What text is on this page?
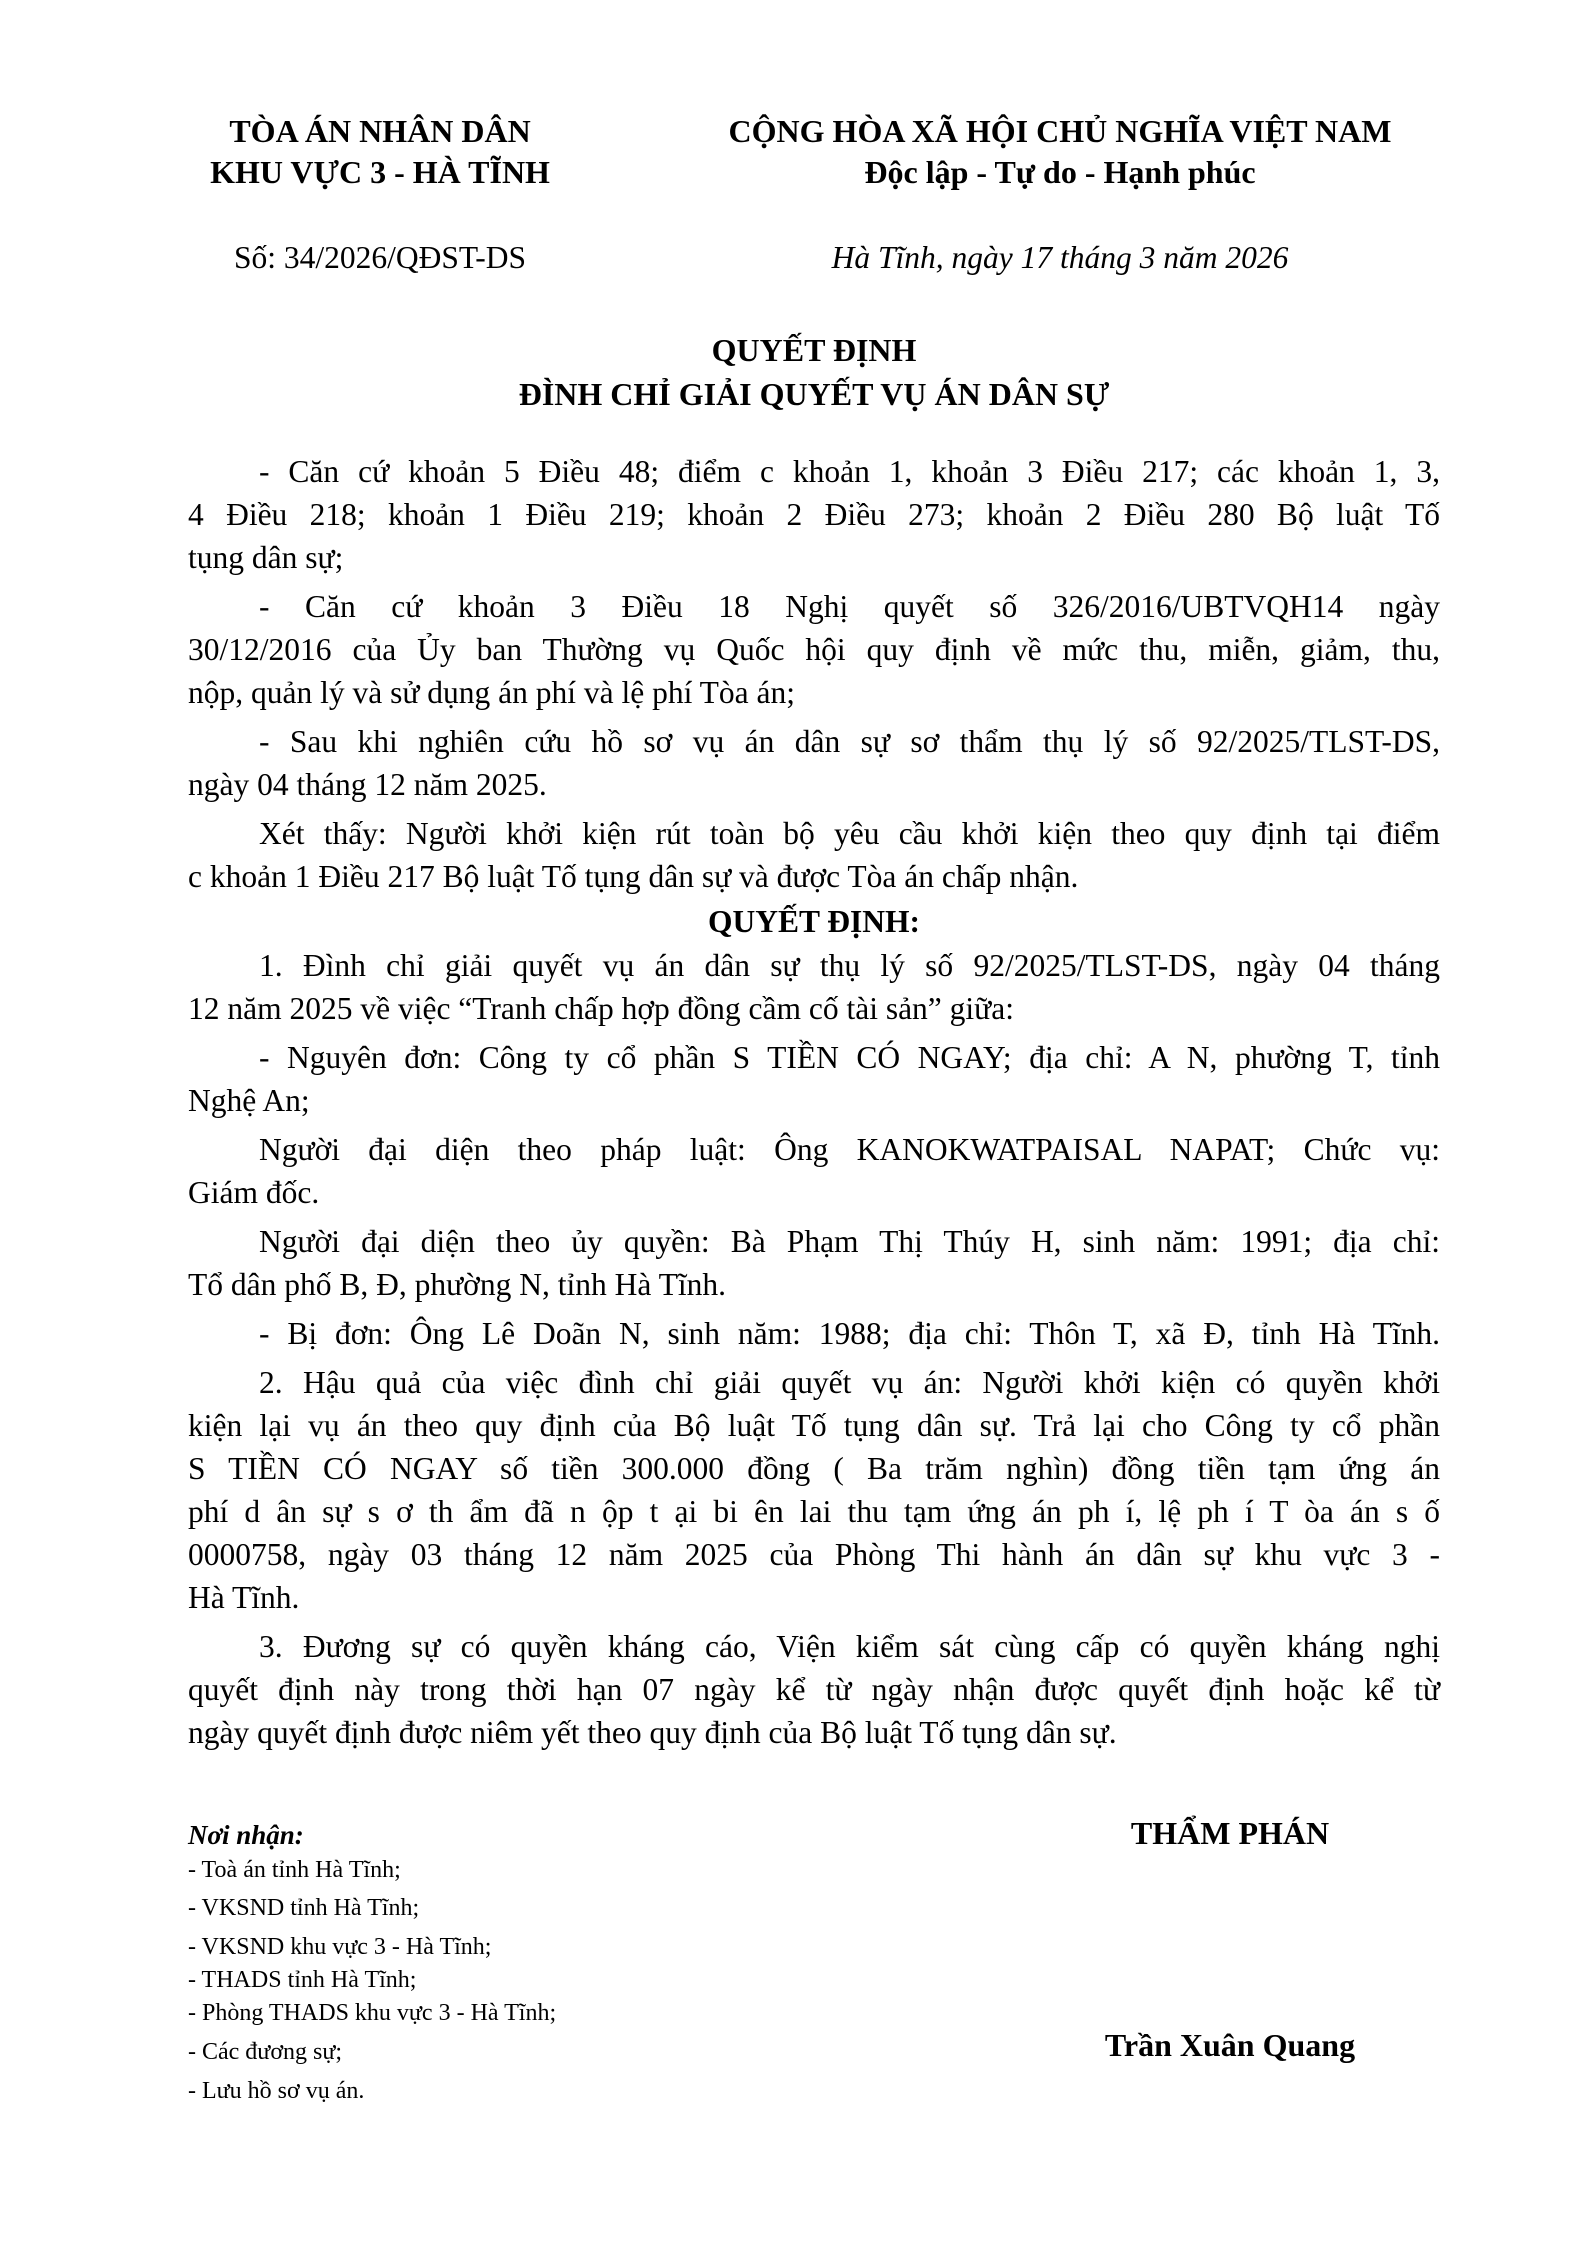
TÒA ÁN NHÂN DÂN
KHU VỰC 3 - HÀ TĨNH
CỘNG HÒA XÃ HỘI CHỦ NGHĨA VIỆT NAM
Độc lập - Tự do - Hạnh phúc
Số: 34/2026/QĐST-DS	Hà Tĩnh, ngày 17 tháng 3 năm 2026
QUYẾT ĐỊNH
ĐÌNH CHỈ GIẢI QUYẾT VỤ ÁN DÂN SỰ
- Căn cứ khoản 5 Điều 48; điểm c khoản 1, khoản 3 Điều 217; các khoản 1, 3,
4 Điều 218; khoản 1 Điều 219; khoản 2 Điều 273; khoản 2 Điều 280 Bộ luật Tố
tụng dân sự;
- Căn cứ khoản 3 Điều 18 Nghị quyết số 326/2016/UBTVQH14 ngày
30/12/2016 của Ủy ban Thường vụ Quốc hội quy định về mức thu, miễn, giảm, thu,
nộp, quản lý và sử dụng án phí và lệ phí Tòa án;
- Sau khi nghiên cứu hồ sơ vụ án dân sự sơ thẩm thụ lý số 92/2025/TLST-DS,
ngày 04 tháng 12 năm 2025.
Xét thấy: Người khởi kiện rút toàn bộ yêu cầu khởi kiện theo quy định tại điểm
c khoản 1 Điều 217 Bộ luật Tố tụng dân sự và được Tòa án chấp nhận.
QUYẾT ĐỊNH:
1. Đình chỉ giải quyết vụ án dân sự thụ lý số 92/2025/TLST-DS, ngày 04 tháng
12 năm 2025 về việc “Tranh chấp hợp đồng cầm cố tài sản” giữa:
- Nguyên đơn: Công ty cổ phần S TIỀN CÓ NGAY; địa chỉ: A N, phường T, tỉnh
Nghệ An;
Người đại diện theo pháp luật: Ông KANOKWATPAISAL NAPAT; Chức vụ:
Giám đốc.
Người đại diện theo ủy quyền: Bà Phạm Thị Thúy H, sinh năm: 1991; địa chỉ:
Tổ dân phố B, Đ, phường N, tỉnh Hà Tĩnh.
- Bị đơn: Ông Lê Doãn N, sinh năm: 1988; địa chỉ: Thôn T, xã Đ, tỉnh Hà Tĩnh.
2. Hậu quả của việc đình chỉ giải quyết vụ án: Người khởi kiện có quyền khởi
kiện lại vụ án theo quy định của Bộ luật Tố tụng dân sự. Trả lại cho Công ty cổ phần
S TIỀN CÓ NGAY số tiền 300.000 đồng ( Ba trăm nghìn) đồng tiền tạm ứng án
phí d ân sự s ơ th ẩm đã n ộp t ại bi ên lai thu tạm ứng án ph í, lệ ph í T òa án s ố
0000758, ngày 03 tháng 12 năm 2025 của Phòng Thi hành án dân sự khu vực 3 -
Hà Tĩnh.
3. Đương sự có quyền kháng cáo, Viện kiểm sát cùng cấp có quyền kháng nghị
quyết định này trong thời hạn 07 ngày kể từ ngày nhận được quyết định hoặc kể từ
ngày quyết định được niêm yết theo quy định của Bộ luật Tố tụng dân sự.
Nơi nhận:
- Toà án tỉnh Hà Tĩnh;
- VKSND tỉnh Hà Tĩnh;
- VKSND khu vực 3 - Hà Tĩnh;
- THADS tỉnh Hà Tĩnh;
- Phòng THADS khu vực 3 - Hà Tĩnh;
- Các đương sự;
- Lưu hồ sơ vụ án.
THẨM PHÁN
Trần Xuân Quang
